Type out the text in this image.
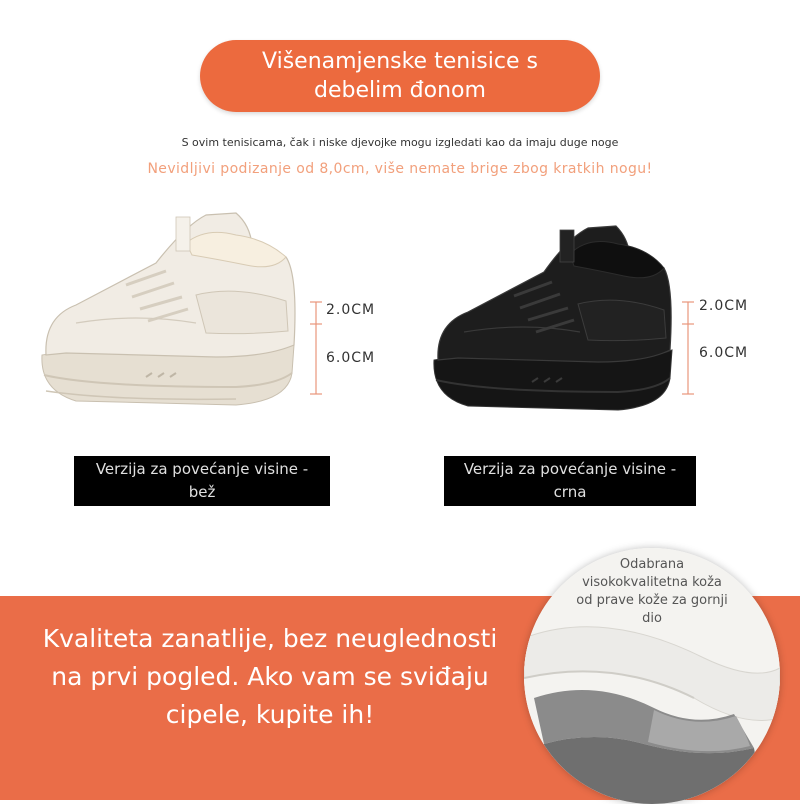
Višenamjenske tenisice s debelim đonom
S ovim tenisicama, čak i niske djevojke mogu izgledati kao da imaju duge noge
Nevidljivi podizanje od 8,0cm, više nemate brige zbog kratkih nogu!
2.0CM
6.0CM
2.0CM
6.0CM
Verzija za povećanje visine - bež
Verzija za povećanje visine - crna
Kvaliteta zanatlije, bez neuglednosti na prvi pogled. Ako vam se sviđaju cipele, kupite ih!
Odabrana visokokvalitetna koža od prave kože za gornji dio
